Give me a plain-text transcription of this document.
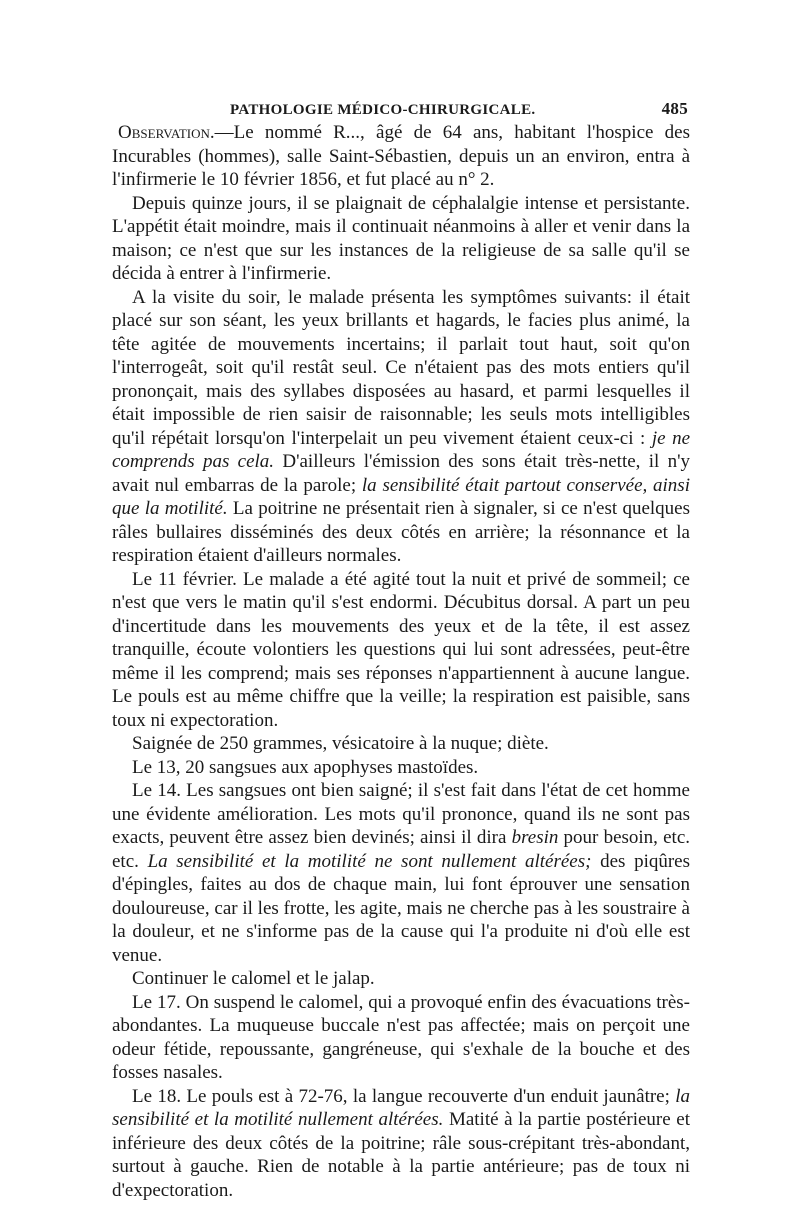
PATHOLOGIE MÉDICO-CHIRURGICALE.	485

Observation.—Le nommé R..., âgé de 64 ans, habitant l'hospice des Incurables (hommes), salle Saint-Sébastien, depuis un an environ, entra à l'infirmerie le 10 février 1856, et fut placé au n° 2.

Depuis quinze jours, il se plaignait de céphalalgie intense et persistante. L'appétit était moindre, mais il continuait néanmoins à aller et venir dans la maison; ce n'est que sur les instances de la religieuse de sa salle qu'il se décida à entrer à l'infirmerie.

A la visite du soir, le malade présenta les symptômes suivants: il était placé sur son séant, les yeux brillants et hagards, le facies plus animé, la tête agitée de mouvements incertains; il parlait tout haut, soit qu'on l'interrogeât, soit qu'il restât seul. Ce n'étaient pas des mots entiers qu'il prononçait, mais des syllabes disposées au hasard, et parmi lesquelles il était impossible de rien saisir de raisonnable; les seuls mots intelligibles qu'il répétait lorsqu'on l'interpelait un peu vivement étaient ceux-ci : je ne comprends pas cela. D'ailleurs l'émission des sons était très-nette, il n'y avait nul embarras de la parole; la sensibilité était partout conservée, ainsi que la motilité. La poitrine ne présentait rien à signaler, si ce n'est quelques râles bullaires disséminés des deux côtés en arrière; la résonnance et la respiration étaient d'ailleurs normales.

Le 11 février. Le malade a été agité tout la nuit et privé de sommeil; ce n'est que vers le matin qu'il s'est endormi. Décubitus dorsal. A part un peu d'incertitude dans les mouvements des yeux et de la tête, il est assez tranquille, écoute volontiers les questions qui lui sont adressées, peut-être même il les comprend; mais ses réponses n'appartiennent à aucune langue. Le pouls est au même chiffre que la veille; la respiration est paisible, sans toux ni expectoration.

Saignée de 250 grammes, vésicatoire à la nuque; diète.

Le 13, 20 sangsues aux apophyses mastoïdes.

Le 14. Les sangsues ont bien saigné; il s'est fait dans l'état de cet homme une évidente amélioration. Les mots qu'il prononce, quand ils ne sont pas exacts, peuvent être assez bien devinés; ainsi il dira bresin pour besoin, etc. etc. La sensibilité et la motilité ne sont nullement altérées; des piqûres d'épingles, faites au dos de chaque main, lui font éprouver une sensation douloureuse, car il les frotte, les agite, mais ne cherche pas à les soustraire à la douleur, et ne s'informe pas de la cause qui l'a produite ni d'où elle est venue.

Continuer le calomel et le jalap.

Le 17. On suspend le calomel, qui a provoqué enfin des évacuations très-abondantes. La muqueuse buccale n'est pas affectée; mais on perçoit une odeur fétide, repoussante, gangréneuse, qui s'exhale de la bouche et des fosses nasales.

Le 18. Le pouls est à 72-76, la langue recouverte d'un enduit jaunâtre; la sensibilité et la motilité nullement altérées. Matité à la partie postérieure et inférieure des deux côtés de la poitrine; râle sous-crépitant très-abondant, surtout à gauche. Rien de notable à la partie antérieure; pas de toux ni d'expectoration.
